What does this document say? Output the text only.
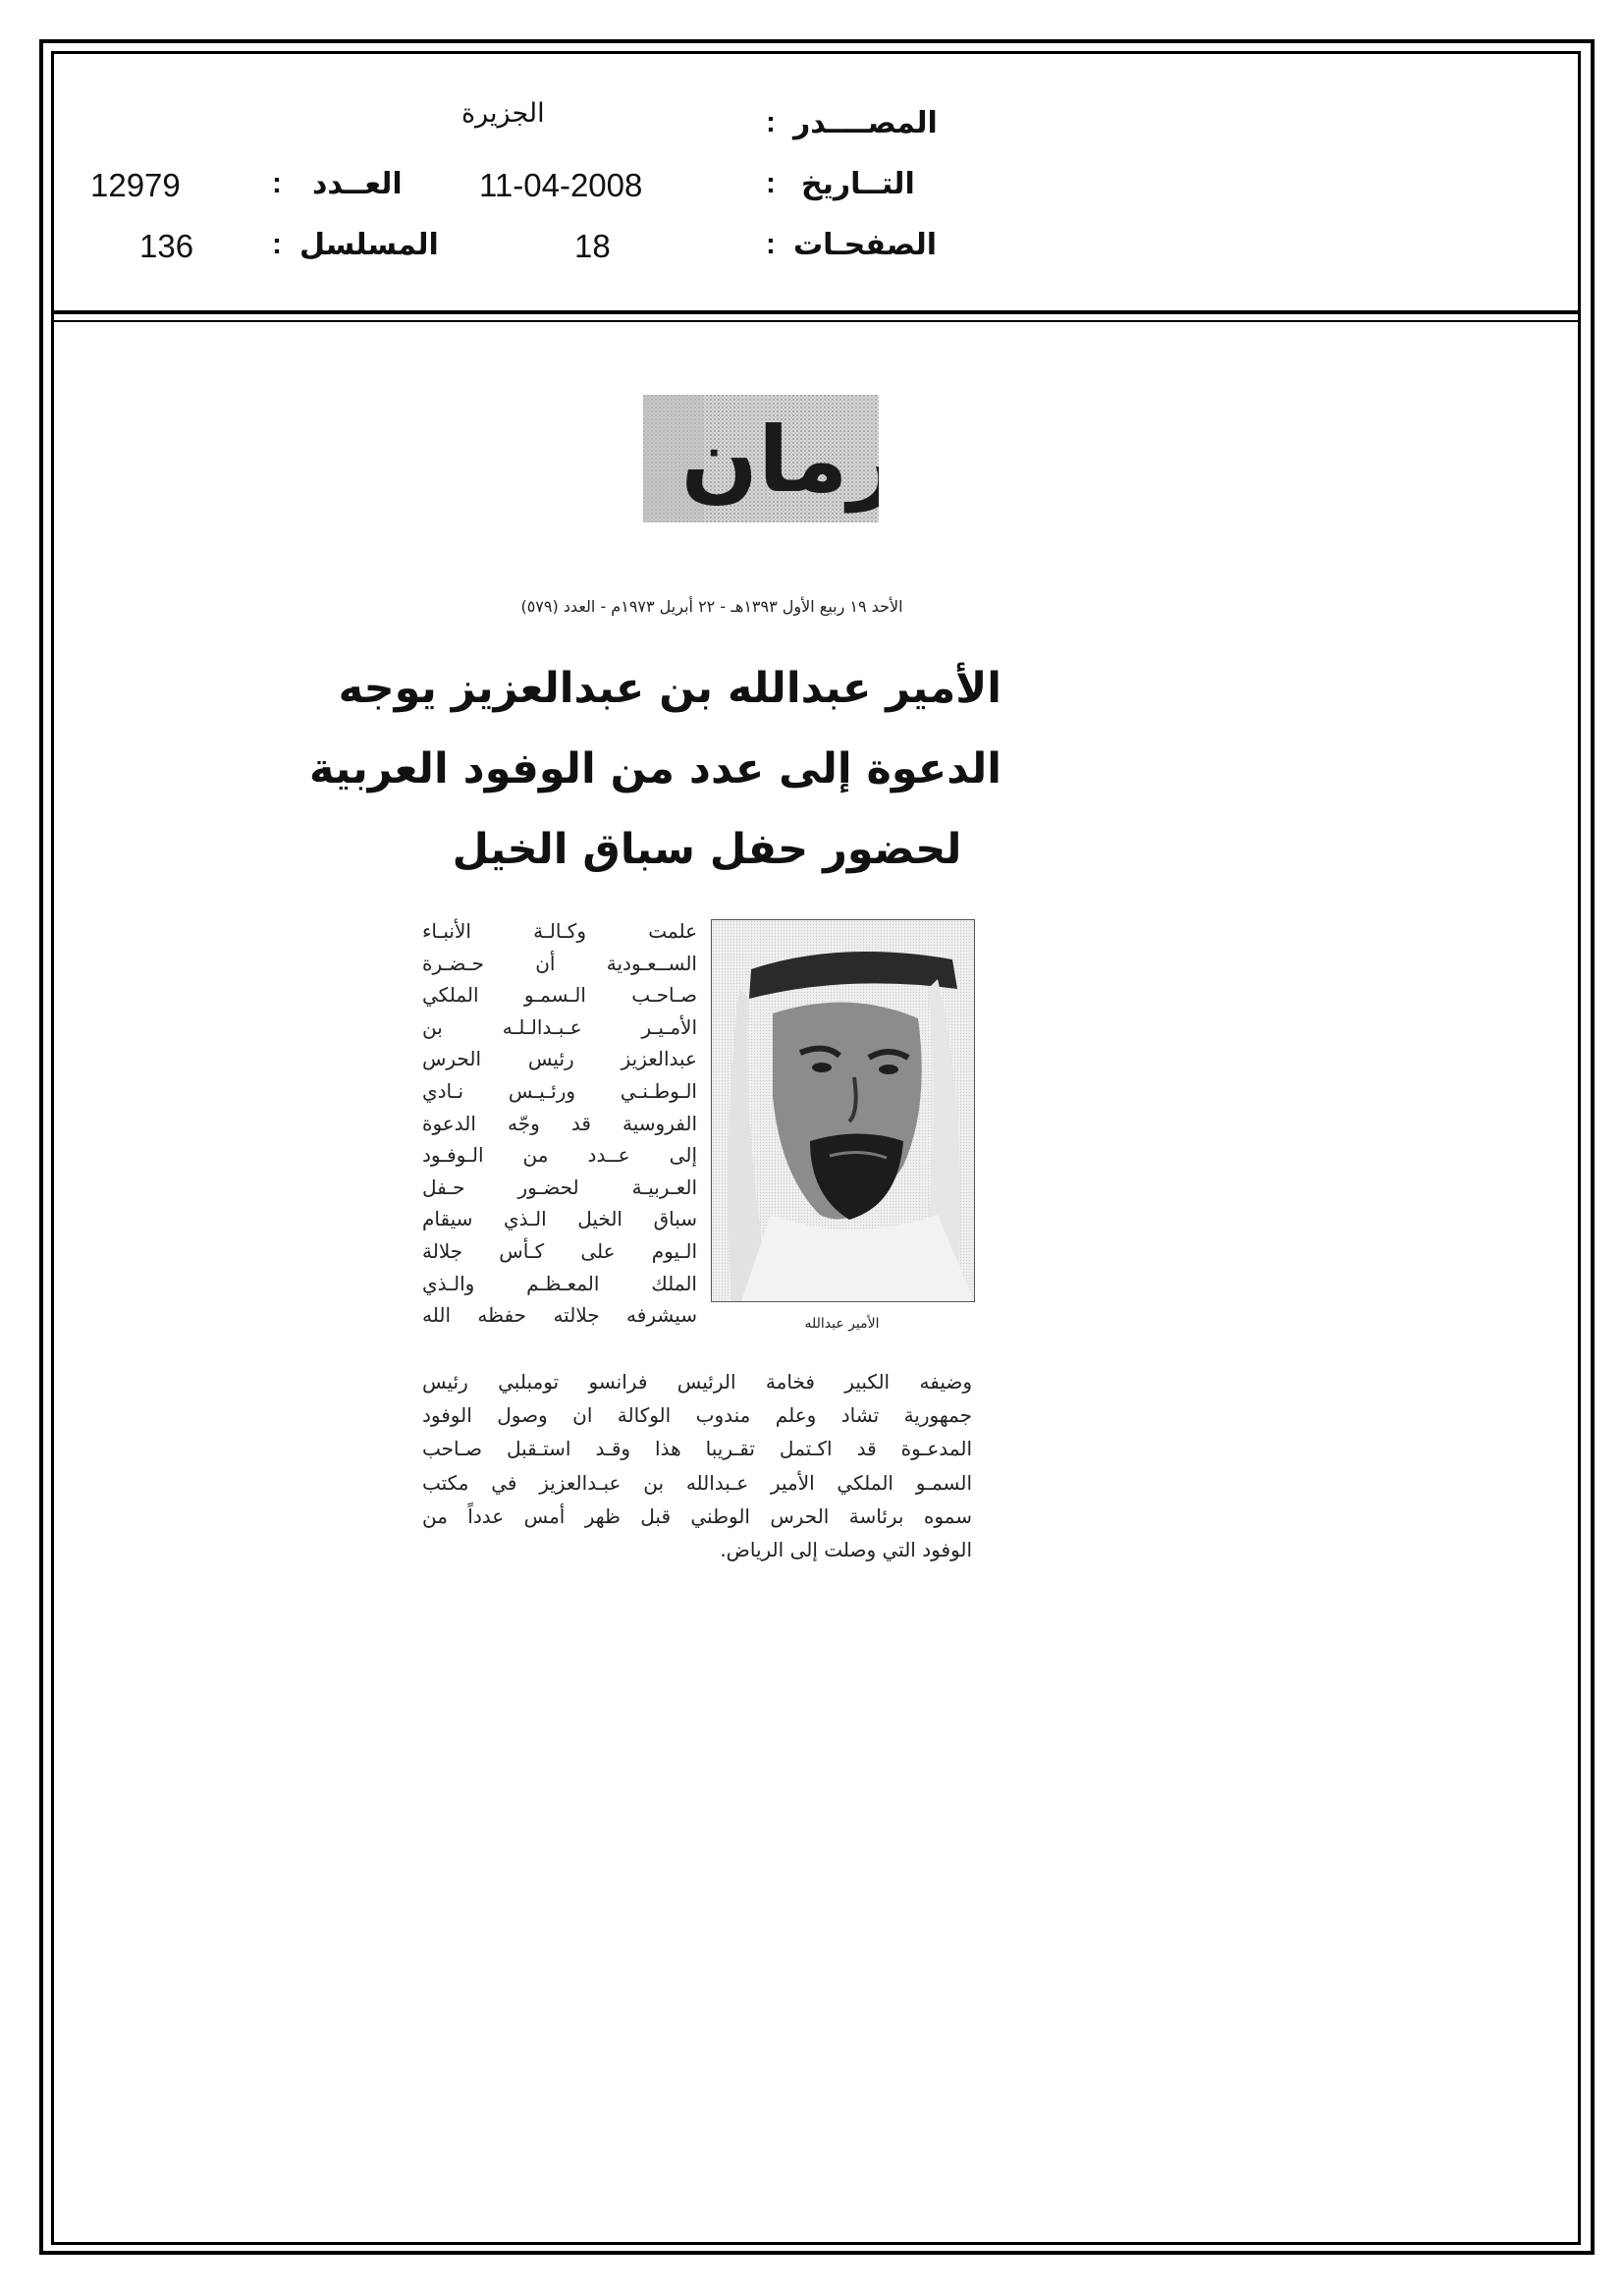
المصــــدر
:
الجزيرة
التــاريخ
:
11-04-2008
العــدد
:
12979
الصفحـات
:
18
المسلسل
:
136
زمان
الأحد ١٩ ربيع الأول ١٣٩٣هـ - ٢٢ أبريل ١٩٧٣م - العدد (٥٧٩)
الأمير عبدالله بن عبدالعزيز يوجه
الدعوة إلى عدد من الوفود العربية
لحضور حفل سباق الخيل
الأمير عبدالله
علمت وكـالـة الأنبـاء
الســعـودية أن حـضـرة
صـاحـب الـسمـو الملكي
الأمـيـر عـبـدالـلـه بن
عبدالعزيز رئيس الحرس
الـوطـنـي ورئـيـس نـادي
الفروسية قد وجّه الدعوة
إلى عــدد من الـوفـود
العـربيـة لحضـور حـفل
سباق الخيل الـذي سيقام
الـيوم على كـأس جلالة
الملك المعـظـم والـذي
سيشرفه جلالته حفظه الله
وضيفه الكبير فخامة الرئيس فرانسو تومبلبي رئيس
جمهورية تشاد وعلم مندوب الوكالة ان وصول الوفود
المدعـوة قد اكـتمل تقـريبا هذا وقـد استـقبل صـاحب
السمـو الملكي الأمير عـبدالله بن عبـدالعزيز في مكتب
سموه برئاسة الحرس الوطني قبل ظهر أمس عدداً من
الوفود التي وصلت إلى الرياض.
